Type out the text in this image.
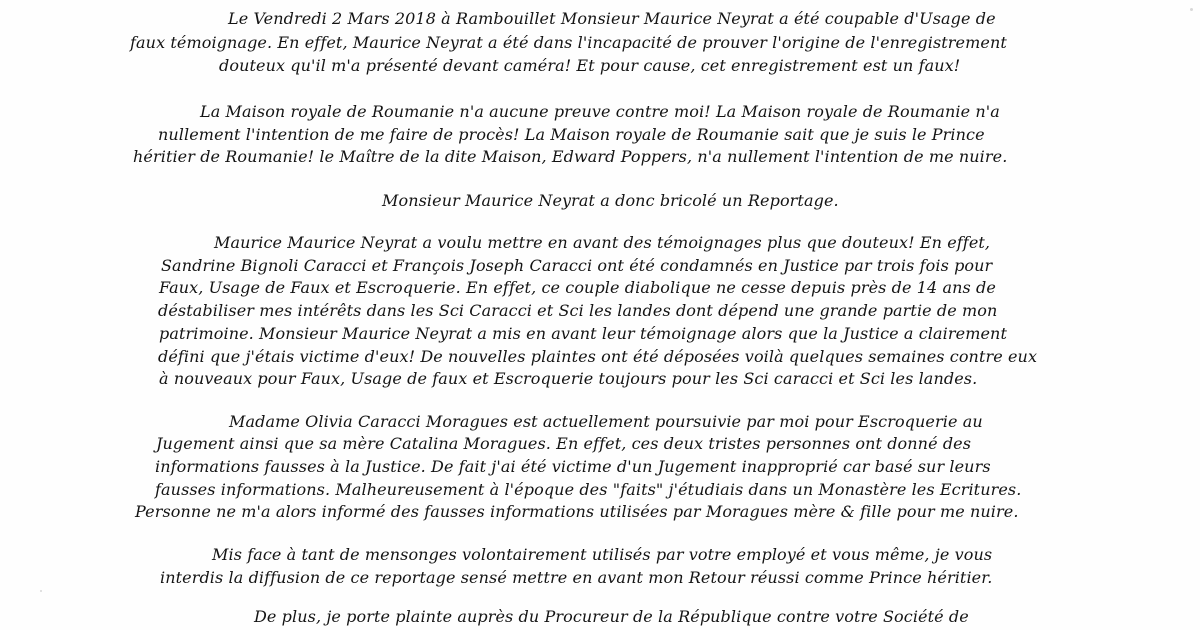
Le Vendredi 2 Mars 2018 à Rambouillet Monsieur Maurice Neyrat a été coupable d'Usage de
faux témoignage. En effet, Maurice Neyrat a été dans l'incapacité de prouver l'origine de l'enregistrement
douteux qu'il m'a présenté devant caméra! Et pour cause, cet enregistrement est un faux!
La Maison royale de Roumanie n'a aucune preuve contre moi! La Maison royale de Roumanie n'a
nullement l'intention de me faire de procès! La Maison royale de Roumanie sait que je suis le Prince
héritier de Roumanie! le Maître de la dite Maison, Edward Poppers, n'a nullement l'intention de me nuire.
Monsieur Maurice Neyrat a donc bricolé un Reportage.
Maurice Maurice Neyrat a voulu mettre en avant des témoignages plus que douteux! En effet,
Sandrine Bignoli Caracci et François Joseph Caracci ont été condamnés en Justice par trois fois pour
Faux, Usage de Faux et Escroquerie. En effet, ce couple diabolique ne cesse depuis près de 14 ans de
déstabiliser mes intérêts dans les Sci Caracci et Sci les landes dont dépend une grande partie de mon
patrimoine. Monsieur Maurice Neyrat a mis en avant leur témoignage alors que la Justice a clairement
défini que j'étais victime d'eux! De nouvelles plaintes ont été déposées voilà quelques semaines contre eux
à nouveaux pour Faux, Usage de faux et Escroquerie toujours pour les Sci caracci et Sci les landes.
Madame Olivia Caracci Moragues est actuellement poursuivie par moi pour Escroquerie au
Jugement ainsi que sa mère Catalina Moragues. En effet, ces deux tristes personnes ont donné des
informations fausses à la Justice. De fait j'ai été victime d'un Jugement inapproprié car basé sur leurs
fausses informations. Malheureusement à l'époque des "faits" j'étudiais dans un Monastère les Ecritures.
Personne ne m'a alors informé des fausses informations utilisées par Moragues mère & fille pour me nuire.
Mis face à tant de mensonges volontairement utilisés par votre employé et vous même, je vous
interdis la diffusion de ce reportage sensé mettre en avant mon Retour réussi comme Prince héritier.
De plus, je porte plainte auprès du Procureur de la République contre votre Société de
